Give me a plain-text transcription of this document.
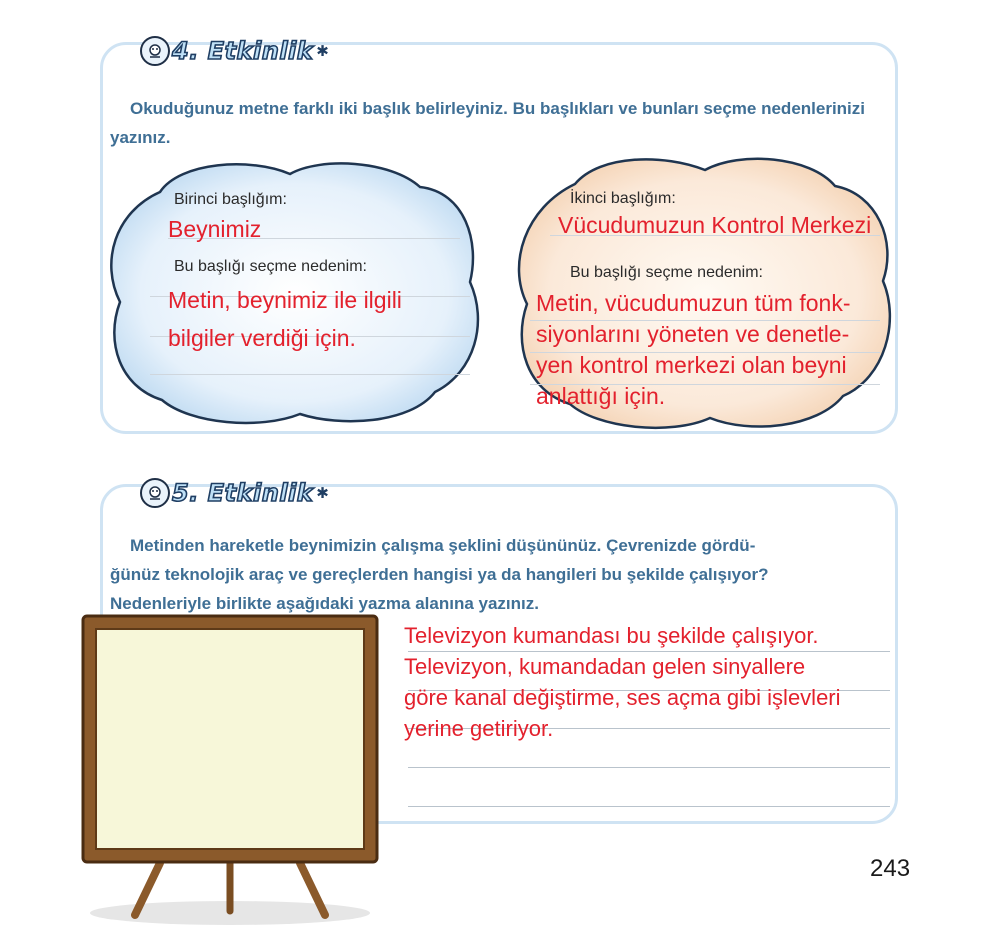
4. Etkinlik ✱

Okuduğunuz metne farklı iki başlık belirleyiniz. Bu başlıkları ve bunları seçme nedenlerinizi yazınız.

Birinci başlığım:
Beynimiz
Bu başlığı seçme nedenim:
Metin, beynimiz ile ilgili
bilgiler verdiği için.
İkinci başlığım:
Vücudumuzun Kontrol Merkezi
Bu başlığı seçme nedenim:
Metin, vücudumuzun tüm fonk-
siyonlarını yöneten ve denetle-
yen kontrol merkezi olan beyni
anlattığı için.
5. Etkinlik ✱
Metinden hareketle beynimizin çalışma şeklini düşününüz. Çevrenizde gördü-
ğünüz teknolojik araç ve gereçlerden hangisi ya da hangileri bu şekilde çalışıyor?
Nedenleriyle birlikte aşağıdaki yazma alanına yazınız.
Televizyon kumandası bu şekilde çalışıyor.
Televizyon, kumandadan gelen sinyallere
göre kanal değiştirme, ses açma gibi işlevleri
yerine getiriyor.
243
